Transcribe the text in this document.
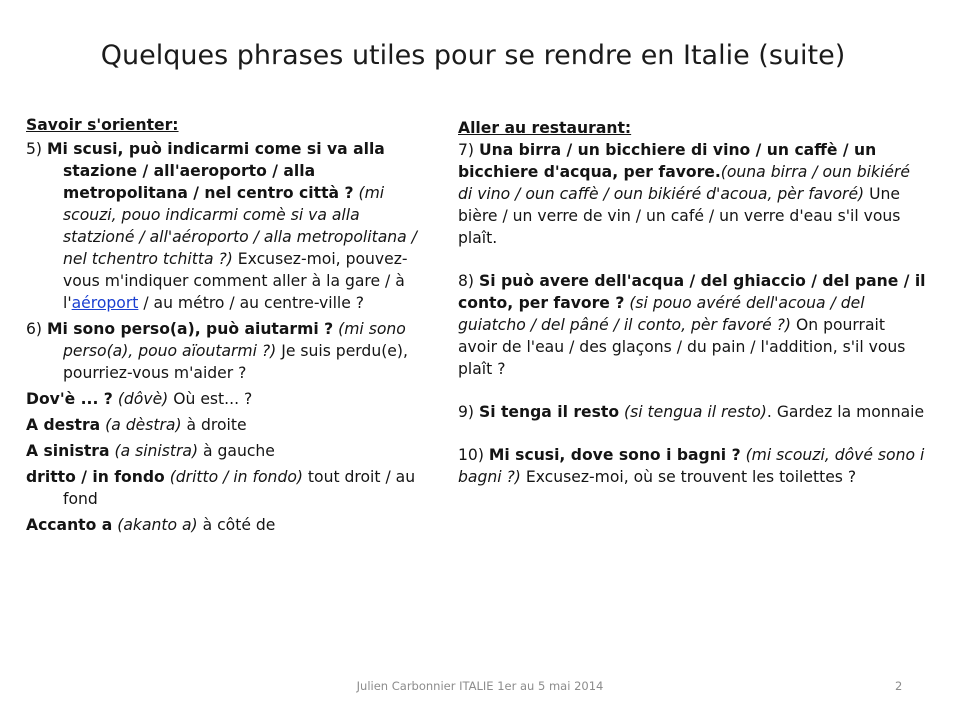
Quelques phrases utiles pour se rendre en Italie (suite)
Savoir s'orienter:
5) Mi scusi, può indicarmi come si va alla stazione / all'aeroporto / alla metropolitana / nel centro città ? (mi scouzi, pouo indicarmi comè si va alla statzioné / all'aéroporto / alla metropolitana / nel tchentro tchitta ?) Excusez-moi, pouvez-vous m'indiquer comment aller à la gare / à l'aéroport / au métro / au centre-ville ?
6) Mi sono perso(a), può aiutarmi ? (mi sono perso(a), pouo aïoutarmi ?) Je suis perdu(e), pourriez-vous m'aider ?
Dov'è ... ? (dôvè) Où est... ?
A destra (a dèstra) à droite
A sinistra (a sinistra) à gauche
dritto / in fondo (dritto / in fondo) tout droit / au fond
Accanto a (akanto a) à côté de
Aller au restaurant:
7) Una birra / un bicchiere di vino / un caffè / un bicchiere d'acqua, per favore.(ouna birra / oun bikiéré di vino / oun caffè / oun bikiéré d'acoua, pèr favoré) Une bière / un verre de vin / un café / un verre d'eau s'il vous plaît.
8) Si può avere dell'acqua / del ghiaccio / del pane / il conto, per favore ? (si pouo avéré dell'acoua / del guiatcho / del pâné / il conto, pèr favoré ?) On pourrait avoir de l'eau / des glaçons / du pain / l'addition, s'il vous plaît ?
9) Si tenga il resto (si tengua il resto). Gardez la monnaie
10) Mi scusi, dove sono i bagni ? (mi scouzi, dôvé sono i bagni ?) Excusez-moi, où se trouvent les toilettes ?
Julien Carbonnier ITALIE 1er au 5 mai 2014	2
